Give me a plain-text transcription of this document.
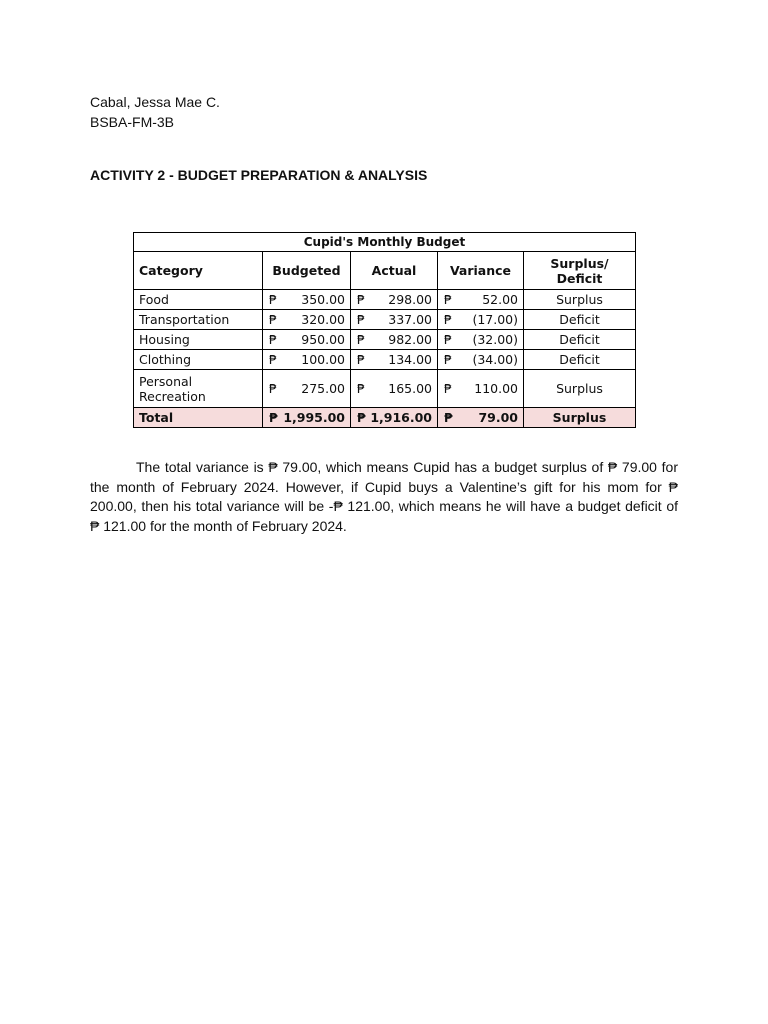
Cabal, Jessa Mae C.
BSBA-FM-3B
ACTIVITY 2 - BUDGET PREPARATION & ANALYSIS
Cupid's Monthly Budget				
Category	Budgeted	Actual	Variance	Surplus/ Deficit
Food	₱ 350.00	₱ 298.00	₱ 52.00	Surplus
Transportation	₱ 320.00	₱ 337.00	₱ (17.00)	Deficit
Housing	₱ 950.00	₱ 982.00	₱ (32.00)	Deficit
Clothing	₱ 100.00	₱ 134.00	₱ (34.00)	Deficit
Personal Recreation	₱ 275.00	₱ 165.00	₱ 110.00	Surplus
Total	₱ 1,995.00	₱ 1,916.00	₱ 79.00	Surplus
The total variance is ₱ 79.00, which means Cupid has a budget surplus of ₱ 79.00 for the month of February 2024. However, if Cupid buys a Valentine’s gift for his mom for ₱ 200.00, then his total variance will be -₱ 121.00, which means he will have a budget deficit of ₱ 121.00 for the month of February 2024.
